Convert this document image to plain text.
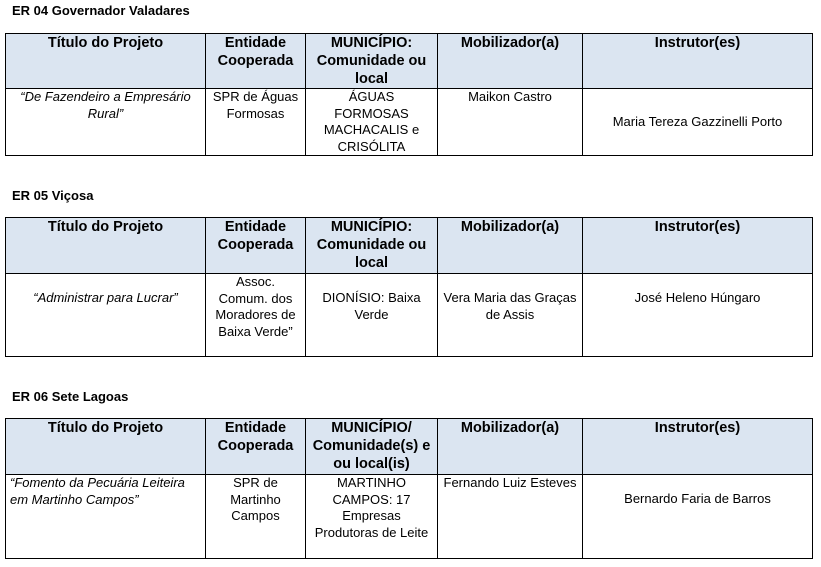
ER 04 Governador Valadares
Título do Projeto	Entidade Cooperada	MUNICÍPIO: Comunidade ou local	Mobilizador(a)	Instrutor(es)
“De Fazendeiro a Empresário Rural”	SPR de Águas Formosas	ÁGUAS FORMOSAS MACHACALIS e CRISÓLITA	Maikon Castro	Maria Tereza Gazzinelli Porto
ER 05 Viçosa
Título do Projeto	Entidade Cooperada	MUNICÍPIO: Comunidade ou local	Mobilizador(a)	Instrutor(es)
“Administrar para Lucrar”	Assoc. Comum. dos Moradores de Baixa Verde”	DIONÍSIO: Baixa Verde	Vera Maria das Graças de Assis	José Heleno Húngaro
ER 06 Sete Lagoas
Título do Projeto	Entidade Cooperada	MUNICÍPIO/ Comunidade(s) e ou local(is)	Mobilizador(a)	Instrutor(es)
“Fomento da Pecuária Leiteira em Martinho Campos”	SPR de Martinho Campos	MARTINHO CAMPOS: 17 Empresas Produtoras de Leite	Fernando Luiz Esteves	Bernardo Faria de Barros
